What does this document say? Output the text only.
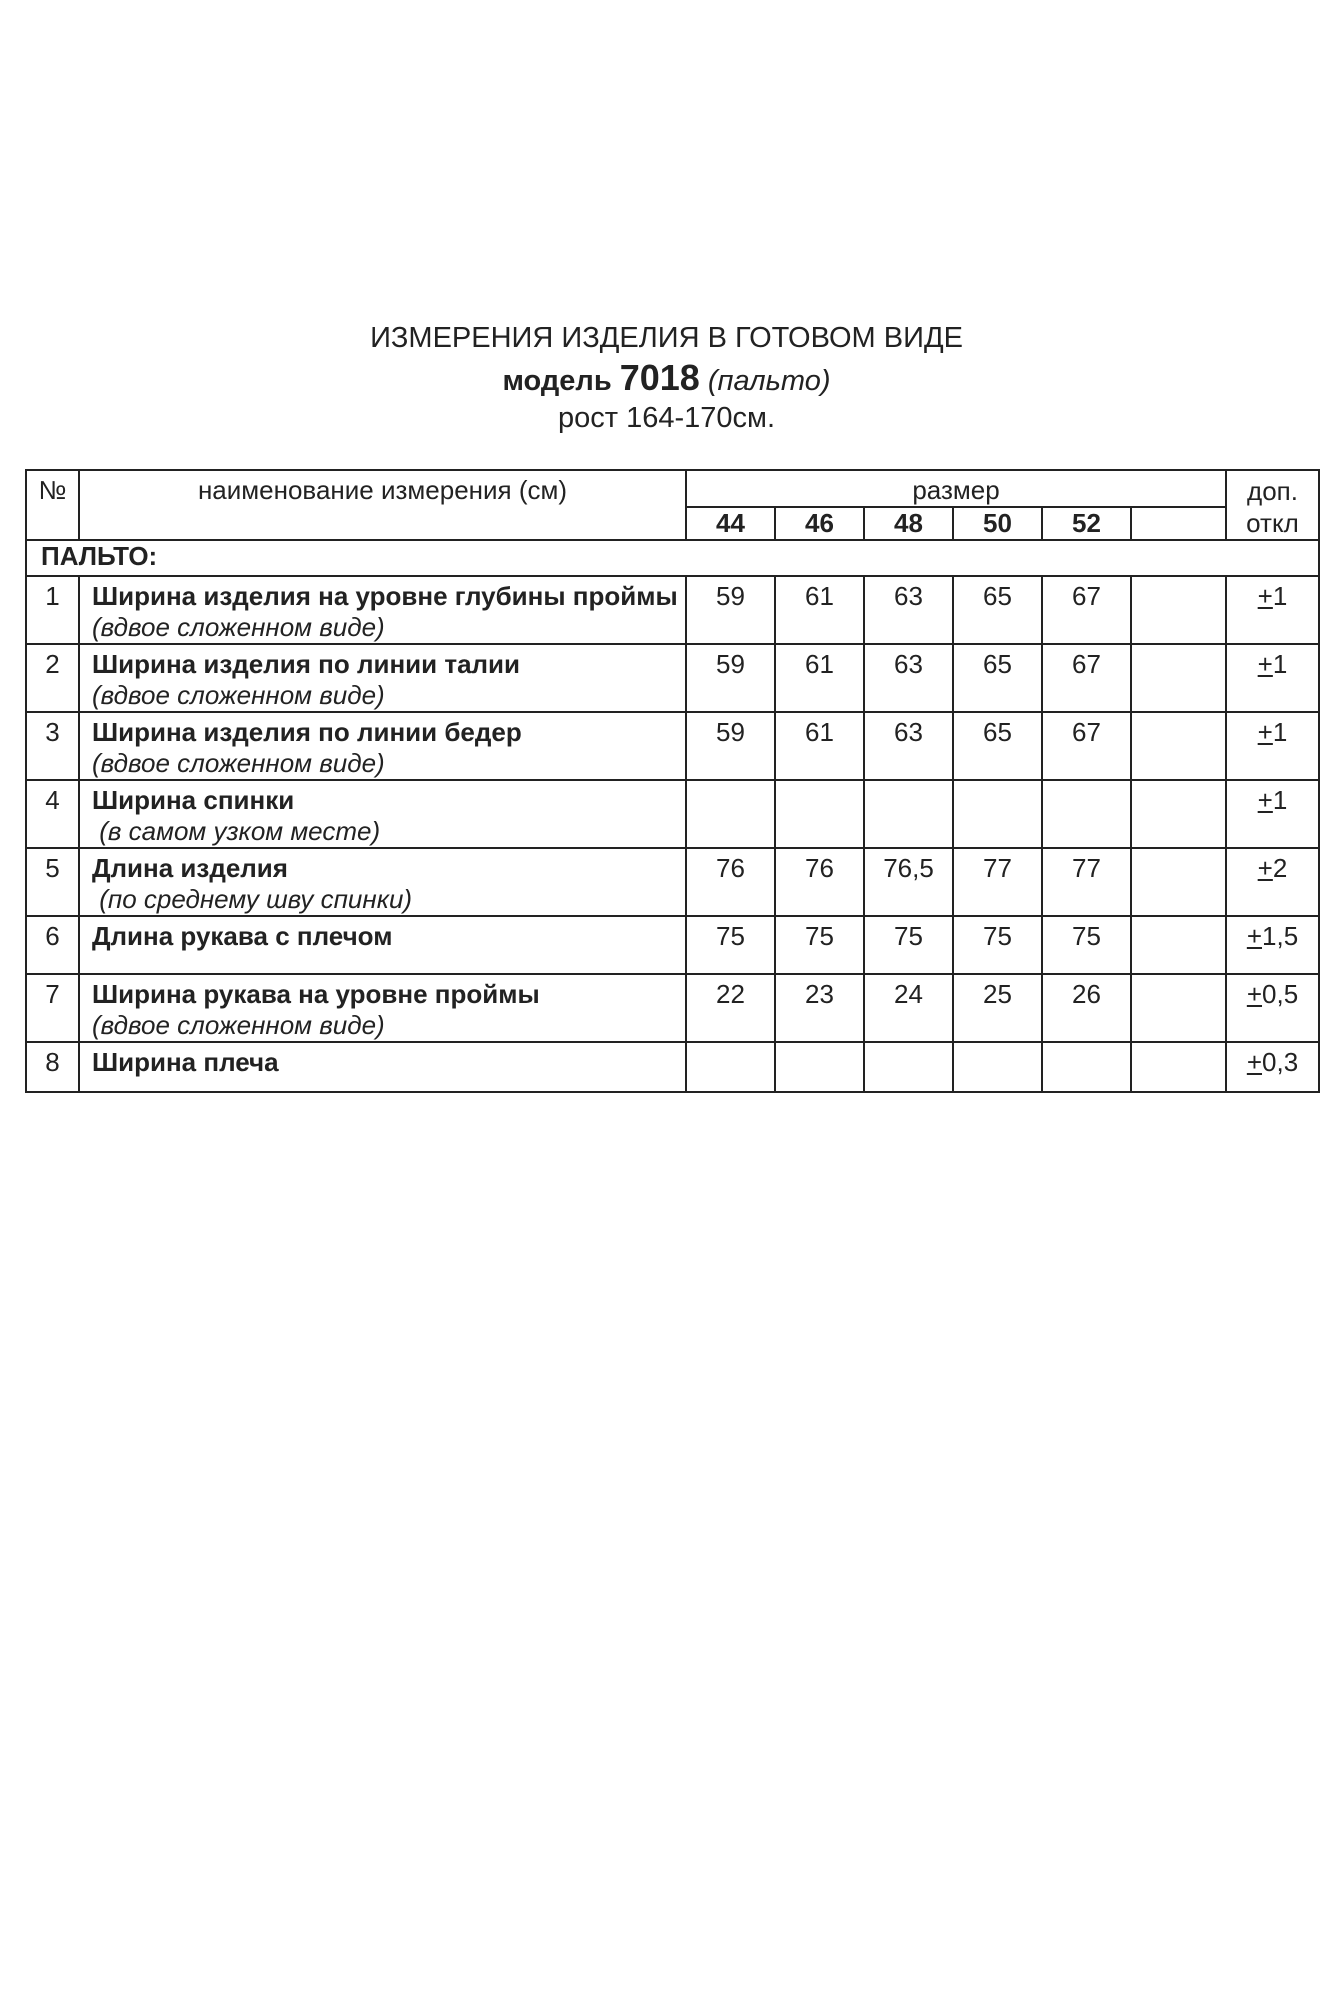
ИЗМЕРЕНИЯ ИЗДЕЛИЯ В ГОТОВОМ ВИДЕ
модель 7018 (пальто)
рост 164-170см.
№	наименование измерения (см)	размер						доп.
откл
		44	46	48	50	52		
ПАЛЬТО:								
1	Ширина изделия на уровне глубины проймы
(вдвое сложенном виде)	59	61	63	65	67		+1
2	Ширина изделия по линии талии
(вдвое сложенном виде)	59	61	63	65	67		+1
3	Ширина изделия по линии бедер
(вдвое сложенном виде)	59	61	63	65	67		+1
4	Ширина спинки
(в самом узком месте)							+1
5	Длина изделия
(по среднему шву спинки)	76	76	76,5	77	77		+2
6	Длина рукава с плечом	75	75	75	75	75		+1,5
7	Ширина рукава на уровне проймы
(вдвое сложенном виде)	22	23	24	25	26		+0,5
8	Ширина плеча							+0,3
